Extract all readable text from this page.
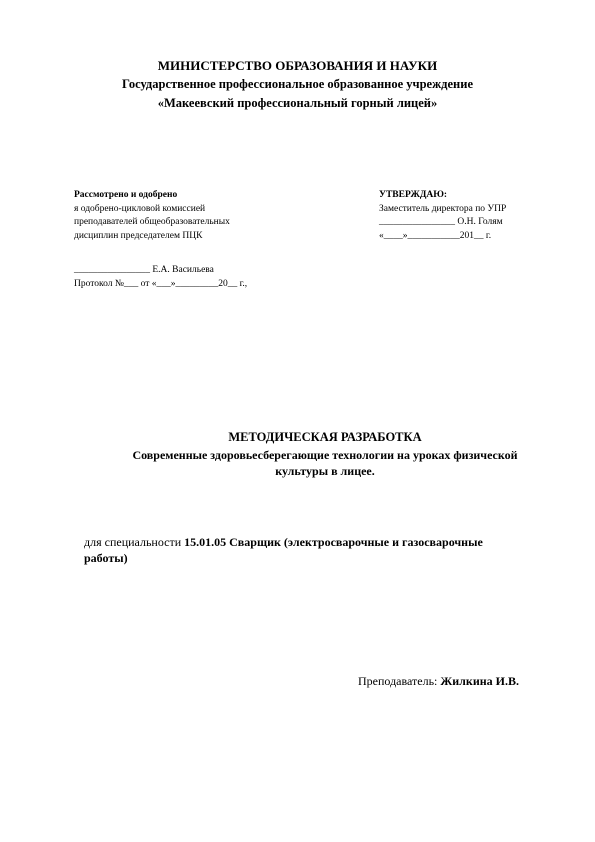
МИНИСТЕРСТВО ОБРАЗОВАНИЯ И НАУКИ
Государственное профессиональное образованное учреждение
«Макеевский профессиональный горный лицей»
Рассмотрено и одобрено
я одобрено-цикловой комиссией
преподавателей общеобразовательных
дисциплин председателем ПЦК
УТВЕРЖДАЮ:
Заместитель директора по УПР
________________ О.Н. Голям
«____»___________201__ г.
________________ Е.А. Васильева
Протокол №___ от «___»_________20__ г.,
МЕТОДИЧЕСКАЯ РАЗРАБОТКА
Современные здоровьесберегающие технологии на уроках физической
культуры в лицее.
для специальности 15.01.05 Сварщик (электросварочные и газосварочные
работы)
Преподаватель: Жилкина И.В.
